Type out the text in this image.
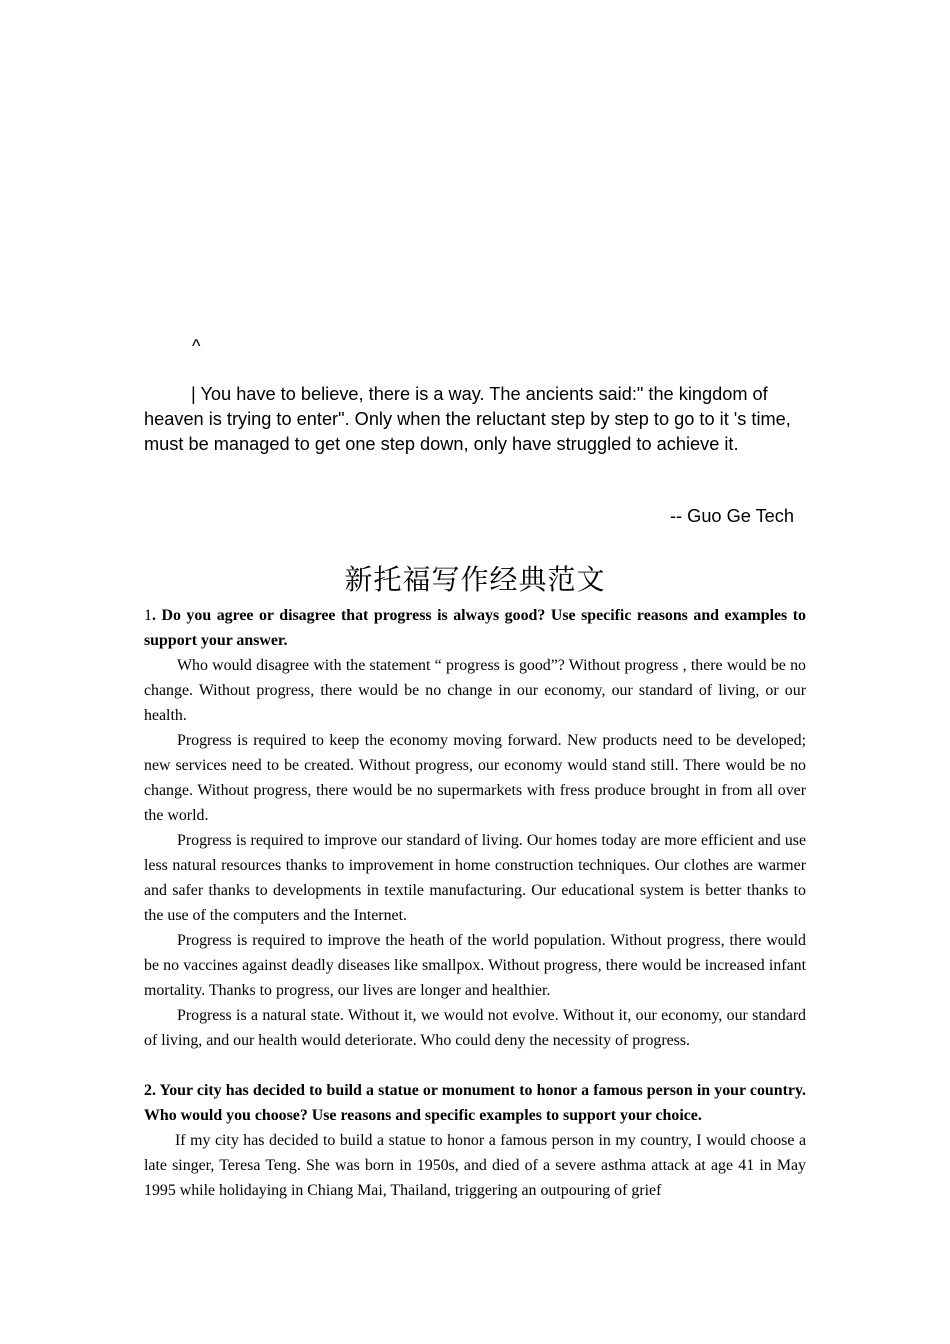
^

| You have to believe, there is a way. The ancients said:" the kingdom of heaven is trying to enter". Only when the reluctant step by step to go to it 's time, must be managed to get one step down, only have struggled to achieve it.

-- Guo Ge Tech

新托福写作经典范文

1. Do you agree or disagree that progress is always good? Use specific reasons and examples to support your answer.

Who would disagree with the statement “ progress is good”? Without progress , there would be no change. Without progress, there would be no change in our economy, our standard of living, or our health.

Progress is required to keep the economy moving forward. New products need to be developed; new services need to be created. Without progress, our economy would stand still. There would be no change. Without progress, there would be no supermarkets with fress produce brought in from all over the world.

Progress is required to improve our standard of living. Our homes today are more efficient and use less natural resources thanks to improvement in home construction techniques. Our clothes are warmer and safer thanks to developments in textile manufacturing. Our educational system is better thanks to the use of the computers and the Internet.

Progress is required to improve the heath of the world population. Without progress, there would be no vaccines against deadly diseases like smallpox. Without progress, there would be increased infant mortality. Thanks to progress, our lives are longer and healthier.

Progress is a natural state. Without it, we would not evolve. Without it, our economy, our standard of living, and our health would deteriorate. Who could deny the necessity of progress.

2. Your city has decided to build a statue or monument to honor a famous person in your country. Who would you choose? Use reasons and specific examples to support your choice.

If my city has decided to build a statue to honor a famous person in my country, I would choose a late singer, Teresa Teng. She was born in 1950s, and died of a severe asthma attack at age 41 in May 1995 while holidaying in Chiang Mai, Thailand, triggering an outpouring of grief
